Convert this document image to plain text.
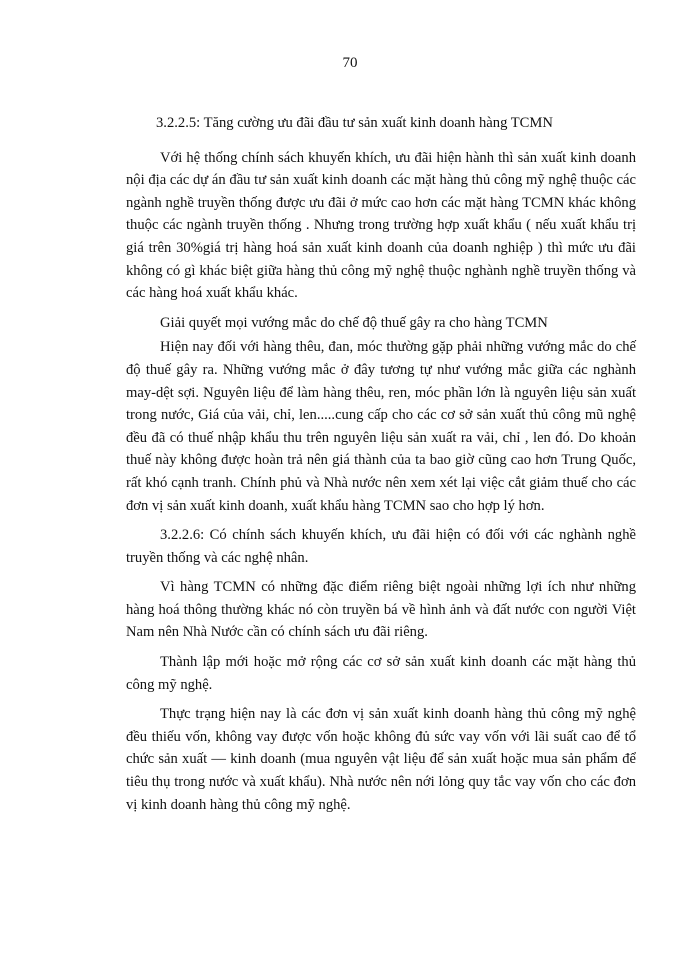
70

3.2.2.5: Tăng cường ưu đãi đầu tư sản xuất kinh doanh hàng TCMN

Với hệ thống chính sách khuyến khích, ưu đãi hiện hành thì sản xuất kinh doanh nội địa các dự án đầu tư sản xuất kinh doanh các mặt hàng thủ công mỹ nghệ thuộc các ngành nghề truyền thống được ưu đãi ở mức cao hơn các mặt hàng TCMN khác không thuộc các ngành truyền thống . Nhưng trong trường hợp xuất khẩu ( nếu xuất khẩu trị giá trên 30%giá trị hàng hoá sản xuất kinh doanh của doanh nghiệp ) thì mức ưu đãi không có gì khác biệt giữa hàng thủ công mỹ nghệ thuộc nghành nghề truyền thống và các hàng hoá xuất khẩu khác.

Giải quyết mọi vướng mắc do chế độ thuế gây ra cho hàng TCMN

Hiện nay đối với hàng thêu, đan, móc thường gặp phải những vướng mắc do chế độ thuế gây ra. Những vướng mắc ở đây tương tự như vướng mắc giữa các nghành may-dệt sợi. Nguyên liệu để làm hàng thêu, ren, móc phần lớn là nguyên liệu sản xuất trong nước, Giá của vải, chỉ, len.....cung cấp cho các cơ sở sản xuất thủ công mũ nghệ đều đã có thuế nhập khẩu thu trên nguyên liệu sản xuất ra vải, chỉ , len đó. Do khoản thuế này không được hoàn trả nên giá thành của ta bao giờ cũng cao hơn Trung Quốc, rất khó cạnh tranh. Chính phủ và Nhà nước nên xem xét lại việc cắt giảm thuế cho các đơn vị sản xuất kinh doanh, xuất khẩu hàng TCMN sao cho hợp lý hơn.

3.2.2.6: Có chính sách khuyến khích, ưu đãi hiện có đối với các nghành nghề truyền thống và các nghệ nhân.

Vì hàng TCMN có những đặc điểm riêng biệt ngoài những lợi ích như những hàng hoá thông thường khác nó còn truyền bá về hình ảnh và đất nước con người Việt Nam nên Nhà Nước cần có chính sách ưu đãi riêng.

Thành lập mới hoặc mở rộng các cơ sở sản xuất kinh doanh các mặt hàng thủ công mỹ nghệ.

Thực trạng hiện nay là các đơn vị sản xuất kinh doanh hàng thủ công mỹ nghệ đều thiếu vốn, không vay được vốn hoặc không đủ sức vay vốn với lãi suất cao để tổ chức sản xuất — kinh doanh (mua nguyên vật liệu để sản xuất hoặc mua sản phẩm để tiêu thụ trong nước và xuất khẩu). Nhà nước nên nới lỏng quy tắc vay vốn cho các đơn vị kinh doanh hàng thủ công mỹ nghệ.
